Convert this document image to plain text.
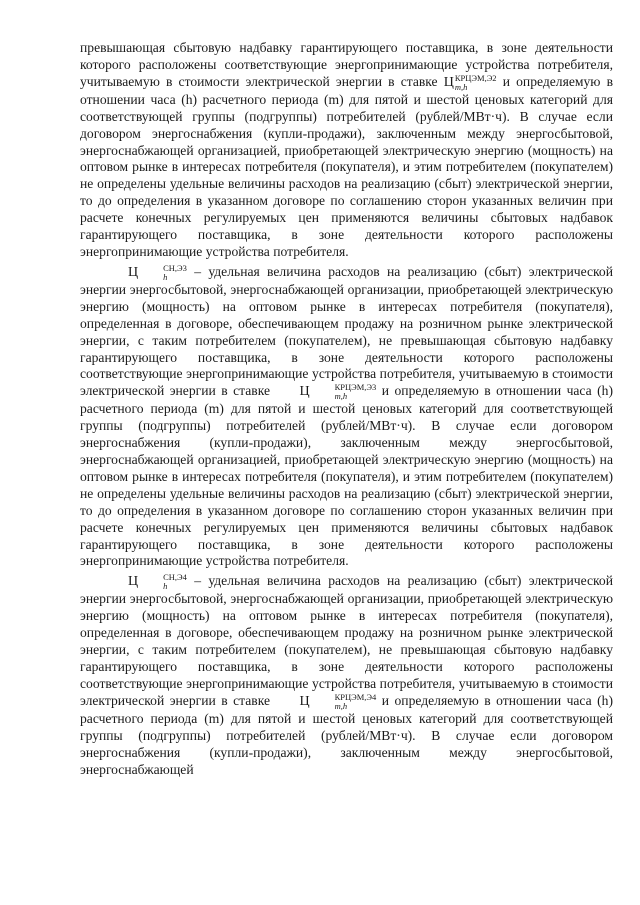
превышающая сбытовую надбавку гарантирующего поставщика, в зоне деятельности которого расположены соответствующие энергопринимающие устройства потребителя, учитываемую в стоимости электрической энергии в ставке Ц КРЦЭМ,Э2
m,h	и определяемую в отношении часа (h) расчетного периода (m) для пятой и шестой ценовых категорий для соответствующей группы (подгруппы) потребителей (рублей/МВт·ч). В случае если договором энергоснабжения (купли-продажи), заключенным между энергосбытовой, энергоснабжающей организацией, приобретающей электрическую энергию (мощность) на оптовом рынке в интересах потребителя (покупателя), и этим потребителем (покупателем) не определены удельные величины расходов на реализацию (сбыт) электрической энергии, то до определения в указанном договоре по соглашению сторон указанных величин при расчете конечных регулируемых цен применяются величины сбытовых надбавок гарантирующего поставщика, в зоне деятельности которого расположены энергопринимающие устройства потребителя.

Ц	СН,Э3
h	– удельная величина расходов на реализацию (сбыт) электрической энергии энергосбытовой, энергоснабжающей организации, приобретающей электрическую энергию (мощность) на оптовом рынке в интересах потребителя (покупателя), определенная в договоре, обеспечивающем продажу на розничном рынке электрической энергии, с таким потребителем (покупателем), не превышающая сбытовую надбавку гарантирующего поставщика, в зоне деятельности которого расположены соответствующие энергопринимающие устройства потребителя, учитываемую в стоимости электрической энергии в ставке Ц	КРЦЭМ,Э3
m,h	и определяемую в отношении часа (h) расчетного периода (m) для пятой и шестой ценовых категорий для соответствующей группы (подгруппы) потребителей (рублей/МВт·ч). В случае если договором энергоснабжения (купли-продажи), заключенным между энергосбытовой, энергоснабжающей организацией, приобретающей электрическую энергию (мощность) на оптовом рынке в интересах потребителя (покупателя), и этим потребителем (покупателем) не определены удельные величины расходов на реализацию (сбыт) электрической энергии, то до определения в указанном договоре по соглашению сторон указанных величин при расчете конечных регулируемых цен применяются величины сбытовых надбавок гарантирующего поставщика, в зоне деятельности которого расположены энергопринимающие устройства потребителя.

Ц	СН,Э4
h	– удельная величина расходов на реализацию (сбыт) электрической энергии энергосбытовой, энергоснабжающей организации, приобретающей электрическую энергию (мощность) на оптовом рынке в интересах потребителя (покупателя), определенная в договоре, обеспечивающем продажу на розничном рынке электрической энергии, с таким потребителем (покупателем), не превышающая сбытовую надбавку гарантирующего поставщика, в зоне деятельности которого расположены соответствующие энергопринимающие устройства потребителя, учитываемую в стоимости электрической энергии в ставке Ц	КРЦЭМ,Э4
m,h	и определяемую в отношении часа (h) расчетного периода (m) для пятой и шестой ценовых категорий для соответствующей группы (подгруппы) потребителей (рублей/МВт·ч). В случае если договором энергоснабжения (купли-продажи), заключенным между энергосбытовой, энергоснабжающей
